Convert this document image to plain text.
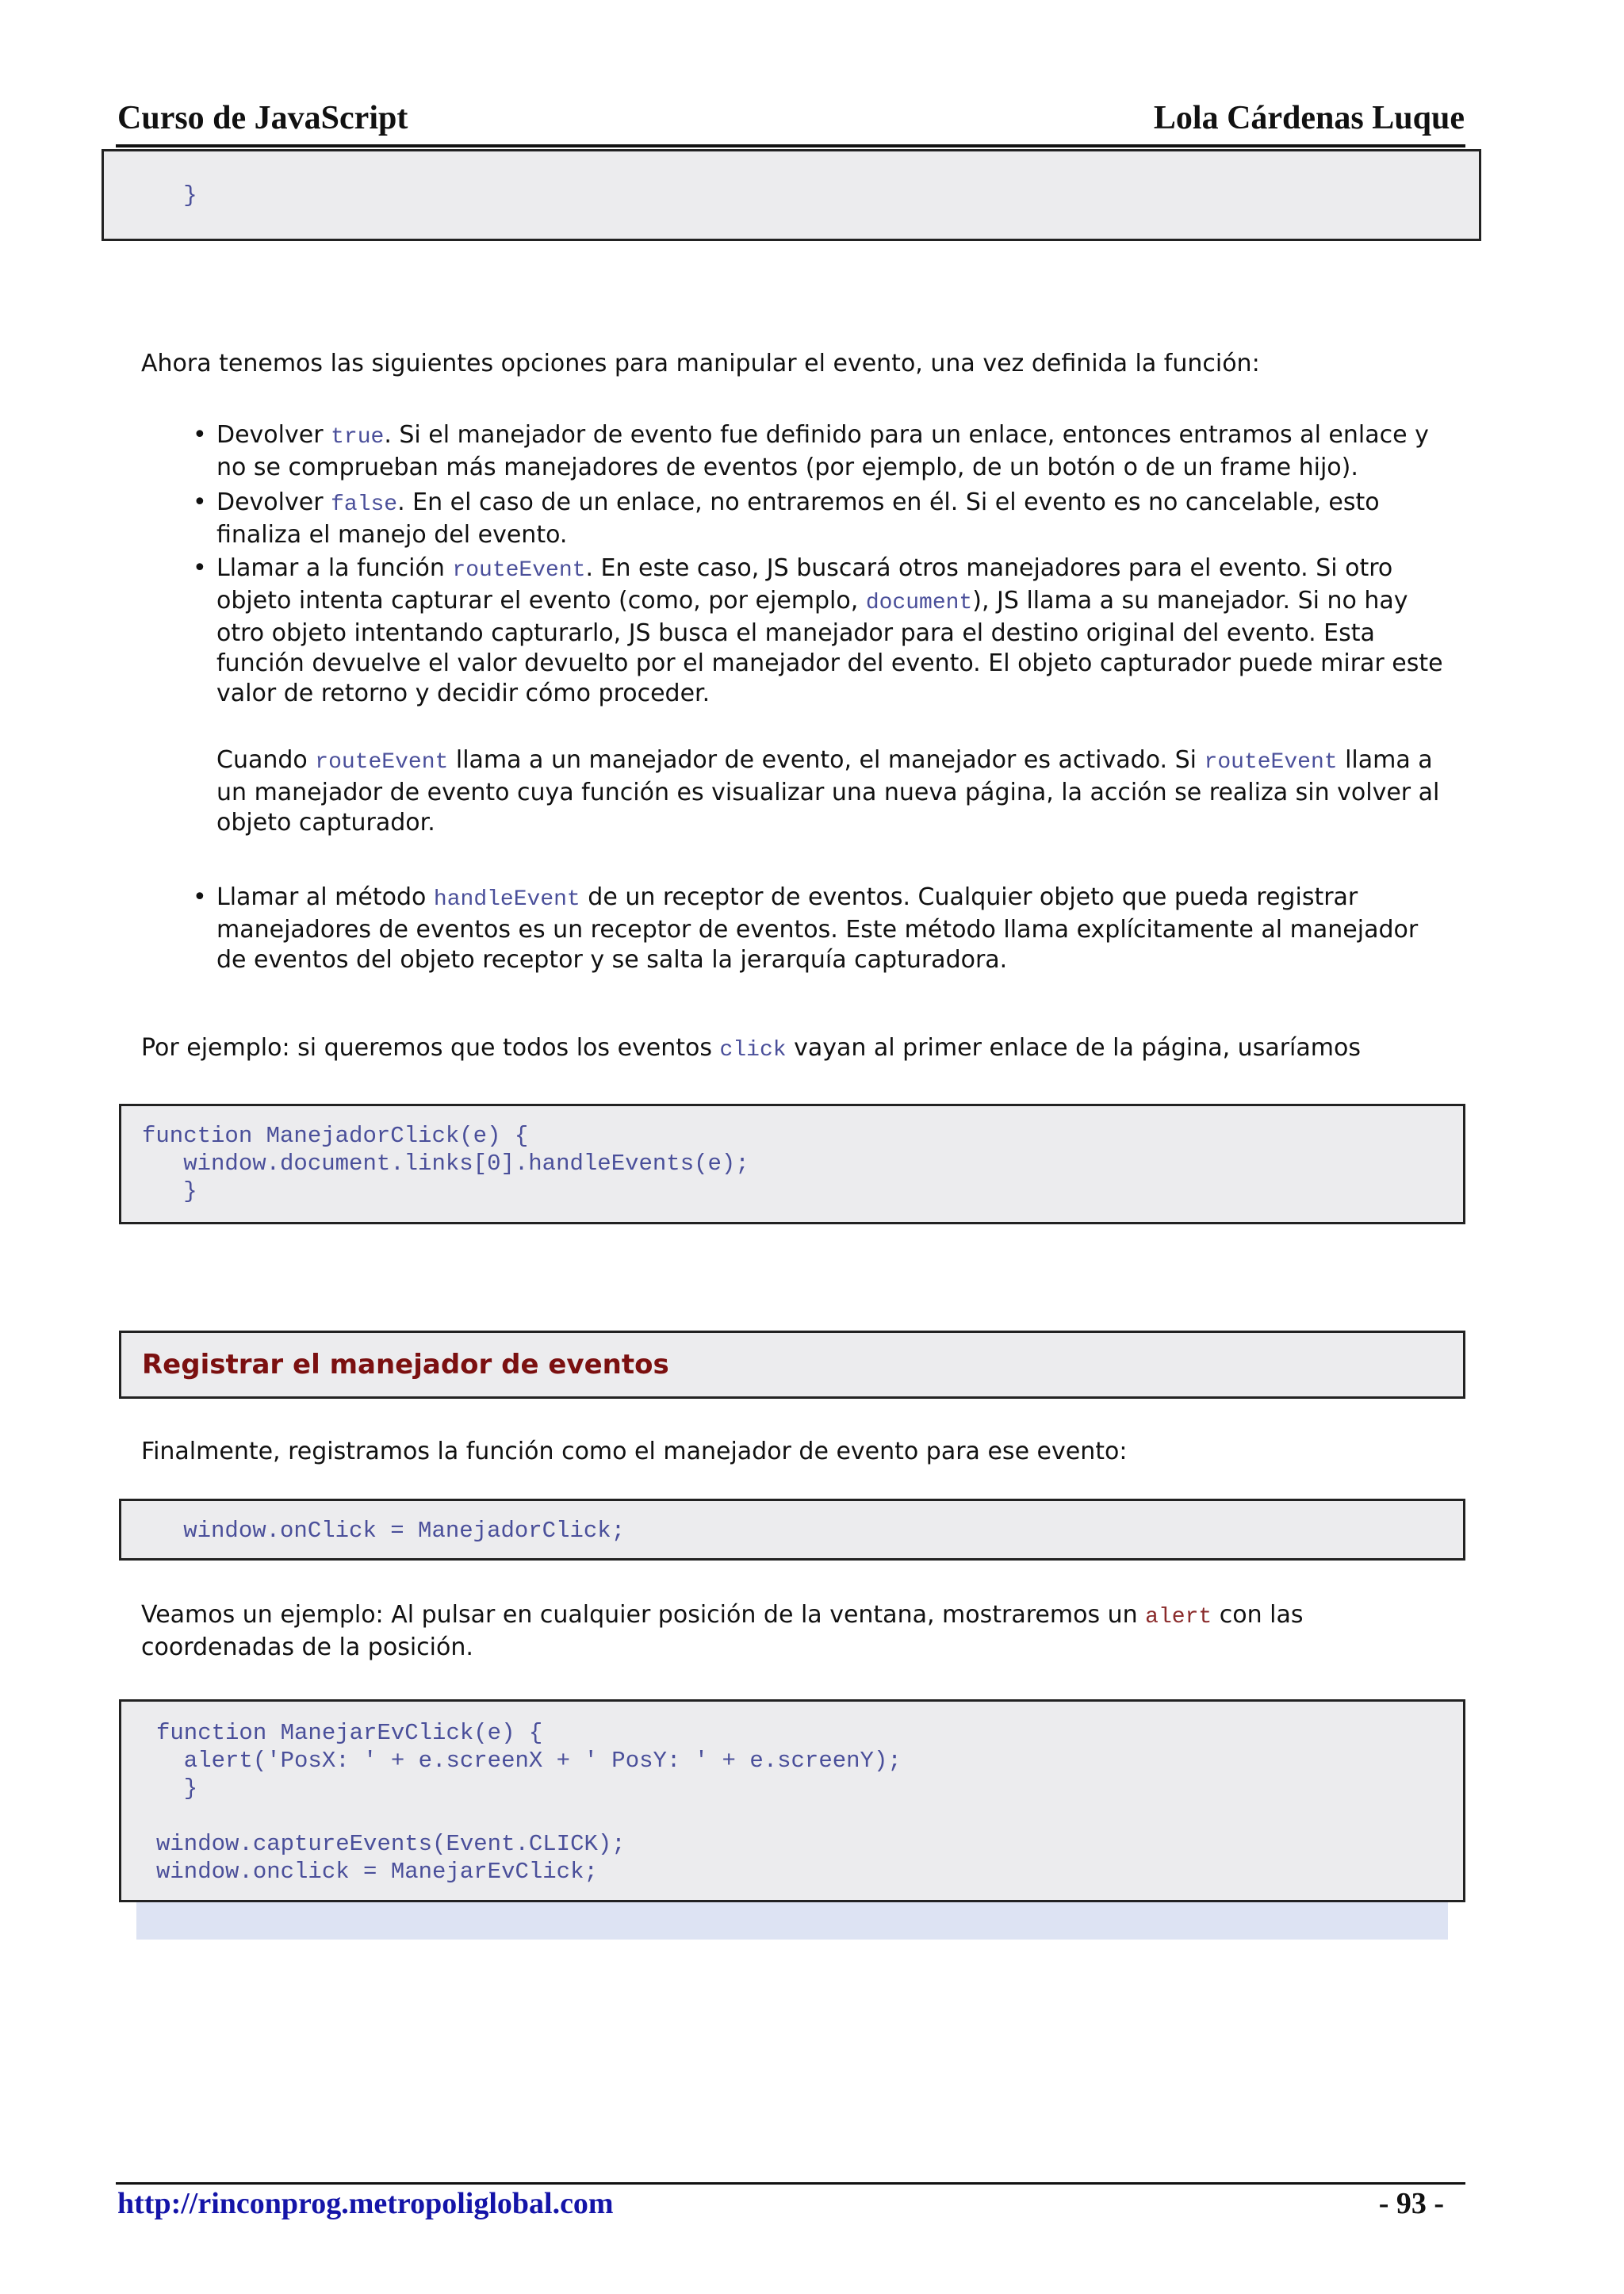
Curso de JavaScript	Lola Cárdenas Luque
}

Ahora tenemos las siguientes opciones para manipular el evento, una vez definida la función:

• Devolver true. Si el manejador de evento fue definido para un enlace, entonces entramos al enlace y no se comprueban más manejadores de eventos (por ejemplo, de un botón o de un frame hijo).
• Devolver false. En el caso de un enlace, no entraremos en él. Si el evento es no cancelable, esto finaliza el manejo del evento.
• Llamar a la función routeEvent. En este caso, JS buscará otros manejadores para el evento. Si otro objeto intenta capturar el evento (como, por ejemplo, document), JS llama a su manejador. Si no hay otro objeto intentando capturarlo, JS busca el manejador para el destino original del evento. Esta función devuelve el valor devuelto por el manejador del evento. El objeto capturador puede mirar este valor de retorno y decidir cómo proceder.
Cuando routeEvent llama a un manejador de evento, el manejador es activado. Si routeEvent llama a un manejador de evento cuya función es visualizar una nueva página, la acción se realiza sin volver al objeto capturador.
• Llamar al método handleEvent de un receptor de eventos. Cualquier objeto que pueda registrar manejadores de eventos es un receptor de eventos. Este método llama explícitamente al manejador de eventos del objeto receptor y se salta la jerarquía capturadora.

Por ejemplo: si queremos que todos los eventos click vayan al primer enlace de la página, usaríamos

function ManejadorClick(e) {
window.document.links[0].handleEvents(e);
}
Registrar el manejador de eventos

Finalmente, registramos la función como el manejador de evento para ese evento:

window.onClick = ManejadorClick;

Veamos un ejemplo: Al pulsar en cualquier posición de la ventana, mostraremos un alert con las coordenadas de la posición.

function ManejarEvClick(e) {
alert('PosX: ' + e.screenX + ' PosY: ' + e.screenY);
}

window.captureEvents(Event.CLICK);
window.onclick = ManejarEvClick;
http://rinconprog.metropoliglobal.com	- 93 -
